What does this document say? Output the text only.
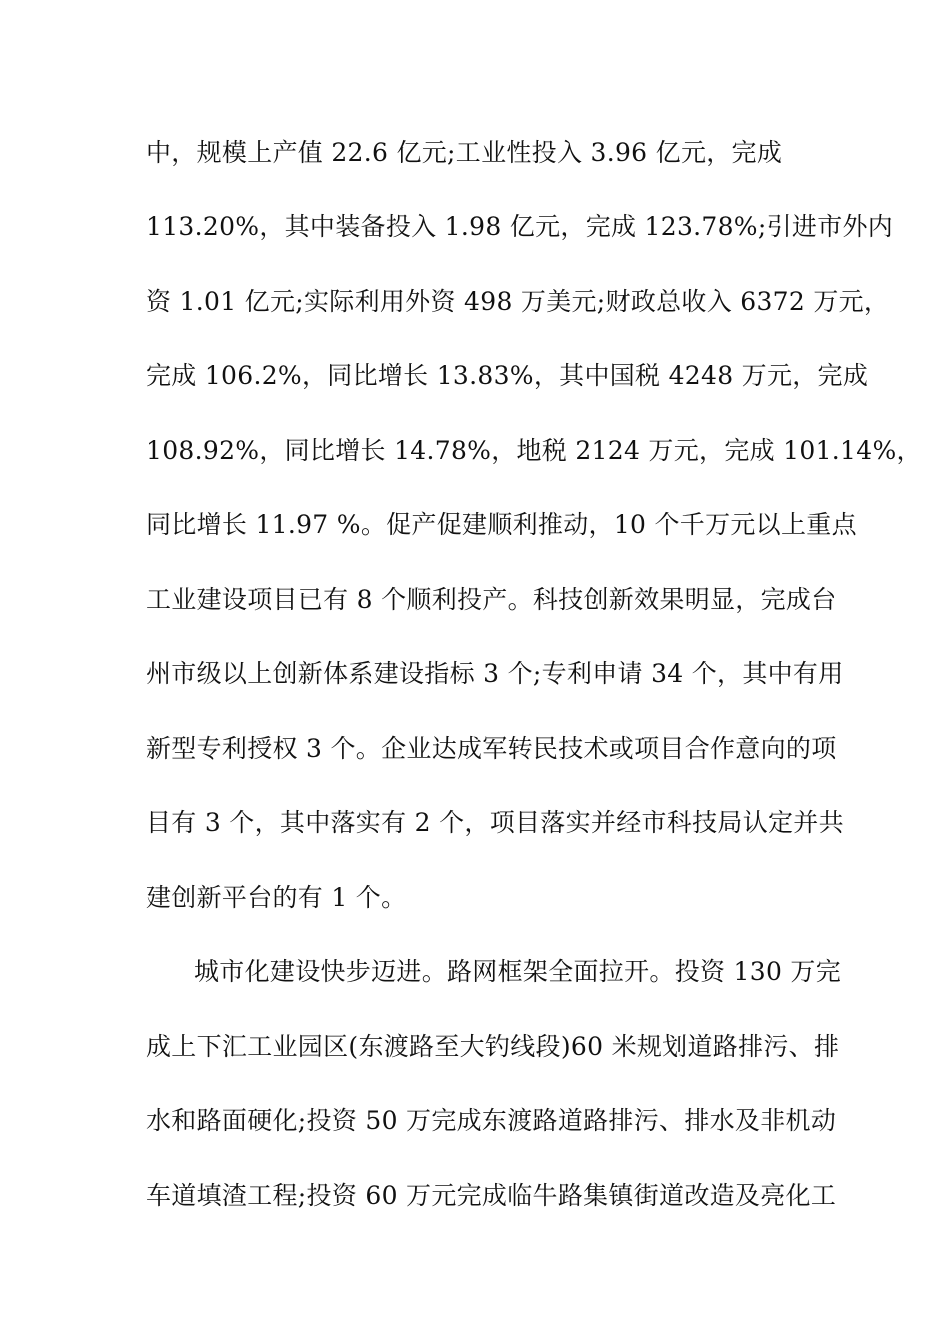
中，规模上产值 22.6 亿元;工业性投入 3.96 亿元，完成
113.20%，其中装备投入 1.98 亿元，完成 123.78%;引进市外内
资 1.01 亿元;实际利用外资 498 万美元;财政总收入 6372 万元，
完成 106.2%，同比增长 13.83%，其中国税 4248 万元，完成
108.92%，同比增长 14.78%，地税 2124 万元，完成 101.14%，
同比增长 11.97 %。促产促建顺利推动，10 个千万元以上重点
工业建设项目已有 8 个顺利投产。科技创新效果明显，完成台
州市级以上创新体系建设指标 3 个;专利申请 34 个，其中有用
新型专利授权 3 个。企业达成军转民技术或项目合作意向的项
目有 3 个，其中落实有 2 个，项目落实并经市科技局认定并共
建创新平台的有 1 个。
城市化建设快步迈进。路网框架全面拉开。投资 130 万完
成上下汇工业园区(东渡路至大钓线段)60 米规划道路排污、排
水和路面硬化;投资 50 万完成东渡路道路排污、排水及非机动
车道填渣工程;投资 60 万元完成临牛路集镇街道改造及亮化工
